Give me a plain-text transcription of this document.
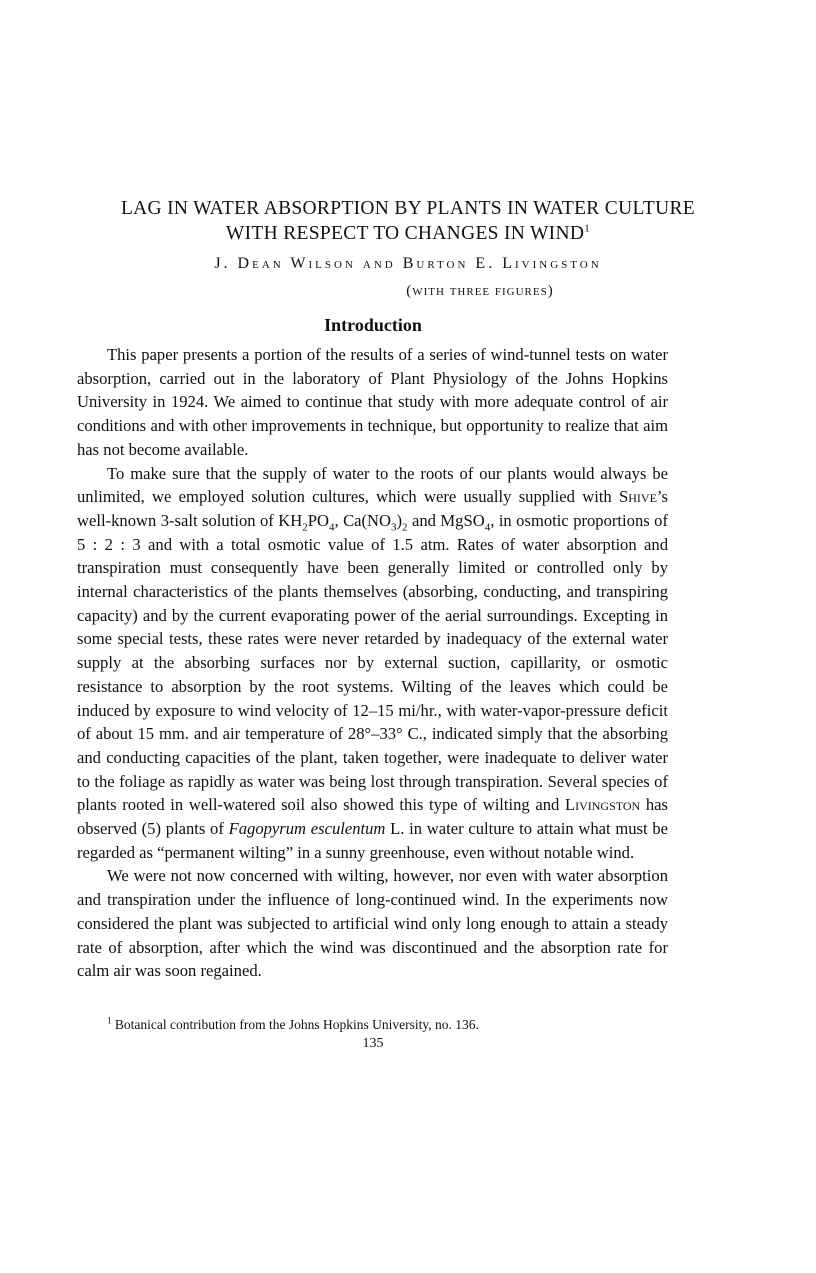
LAG IN WATER ABSORPTION BY PLANTS IN WATER CULTURE
WITH RESPECT TO CHANGES IN WIND$^1$

J. Dean Wilson and Burton E. Livingston

(with three figures)
Introduction

This paper presents a portion of the results of a series of wind-tunnel tests on water absorption, carried out in the laboratory of Plant Physiology of the Johns Hopkins University in 1924. We aimed to continue that study with more adequate control of air conditions and with other improvements in technique, but opportunity to realize that aim has not become available.

To make sure that the supply of water to the roots of our plants would always be unlimited, we employed solution cultures, which were usually supplied with Shive’s well-known 3-salt solution of $KH_2PO_4$, $Ca(NO_3)_2$ and MgSO$_4$, in osmotic proportions of 5 : 2 : 3 and with a total osmotic value of 1.5 atm. Rates of water absorption and transpiration must consequently have been generally limited or controlled only by internal characteristics of the plants themselves (absorbing, conducting, and transpiring capacity) and by the current evaporating power of the aerial surroundings. Excepting in some special tests, these rates were never retarded by inadequacy of the external water supply at the absorbing surfaces nor by external suction, capillarity, or osmotic resistance to absorption by the root systems. Wilting of the leaves which could be induced by exposure to wind velocity of 12–15 mi/hr., with water-vapor-pressure deficit of about 15 mm. and air temperature of 28°–33° C., indicated simply that the absorbing and conducting capacities of the plant, taken together, were inadequate to deliver water to the foliage as rapidly as water was being lost through transpiration. Several species of plants rooted in well-watered soil also showed this type of wilting and Livingston has observed (5) plants of Fagopyrum esculentum L. in water culture to attain what must be regarded as “permanent wilting” in a sunny greenhouse, even without notable wind.

We were not now concerned with wilting, however, nor even with water absorption and transpiration under the influence of long-continued wind. In the experiments now considered the plant was subjected to artificial wind only long enough to attain a steady rate of absorption, after which the wind was discontinued and the absorption rate for calm air was soon regained.

$^1$ Botanical contribution from the Johns Hopkins University, no. 136.

135
